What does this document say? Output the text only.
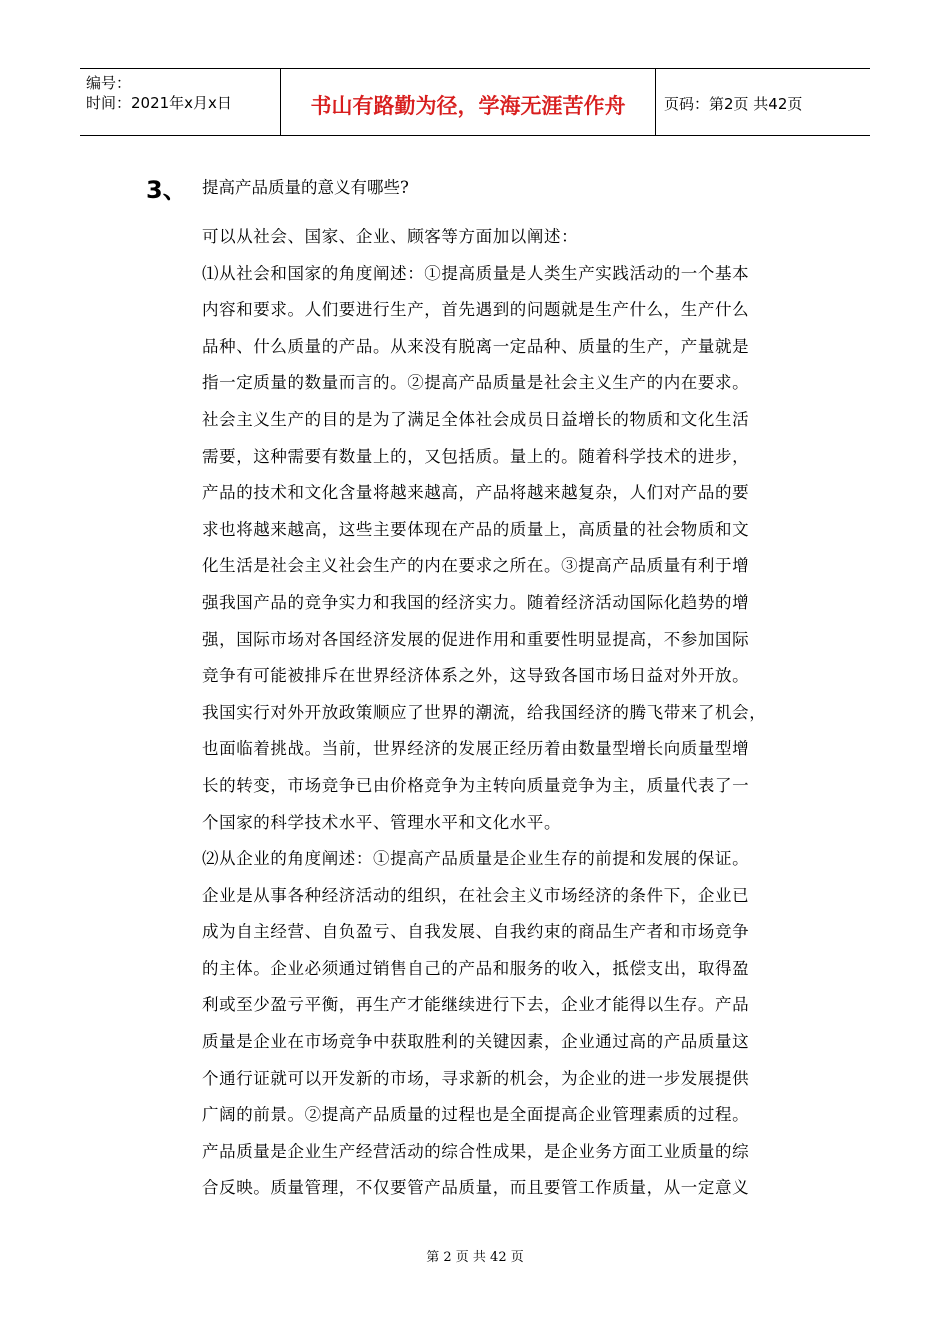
编号：
时间：2021年x月x日	书山有路勤为径，学海无涯苦作舟	页码：第2页 共42页
3、 提高产品质量的意义有哪些?
可以从社会、国家、企业、顾客等方面加以阐述：
⑴从社会和国家的角度阐述：①提高质量是人类生产实践活动的一个基本
内容和要求。人们要进行生产，首先遇到的问题就是生产什么，生产什么
品种、什么质量的产品。从来没有脱离一定品种、质量的生产，产量就是
指一定质量的数量而言的。②提高产品质量是社会主义生产的内在要求。
社会主义生产的目的是为了满足全体社会成员日益增长的物质和文化生活
需要，这种需要有数量上的，又包括质。量上的。随着科学技术的进步，
产品的技术和文化含量将越来越高，产品将越来越复杂，人们对产品的要
求也将越来越高，这些主要体现在产品的质量上，高质量的社会物质和文
化生活是社会主义社会生产的内在要求之所在。③提高产品质量有利于增
强我国产品的竞争实力和我国的经济实力。随着经济活动国际化趋势的增
强，国际市场对各国经济发展的促进作用和重要性明显提高，不参加国际
竞争有可能被排斥在世界经济体系之外，这导致各国市场日益对外开放。
我国实行对外开放政策顺应了世界的潮流，给我国经济的腾飞带来了机会，
也面临着挑战。当前，世界经济的发展正经历着由数量型增长向质量型增
长的转变，市场竞争已由价格竞争为主转向质量竞争为主，质量代表了一
个国家的科学技术水平、管理水平和文化水平。
⑵从企业的角度阐述：①提高产品质量是企业生存的前提和发展的保证。
企业是从事各种经济活动的组织，在社会主义市场经济的条件下，企业已
成为自主经营、自负盈亏、自我发展、自我约束的商品生产者和市场竞争
的主体。企业必须通过销售自己的产品和服务的收入，抵偿支出，取得盈
利或至少盈亏平衡，再生产才能继续进行下去，企业才能得以生存。产品
质量是企业在市场竞争中获取胜利的关键因素，企业通过高的产品质量这
个通行证就可以开发新的市场，寻求新的机会，为企业的进一步发展提供
广阔的前景。②提高产品质量的过程也是全面提高企业管理素质的过程。
产品质量是企业生产经营活动的综合性成果，是企业务方面工业质量的综
合反映。质量管理，不仅要管产品质量，而且要管工作质量，从一定意义
第 2 页 共 42 页
